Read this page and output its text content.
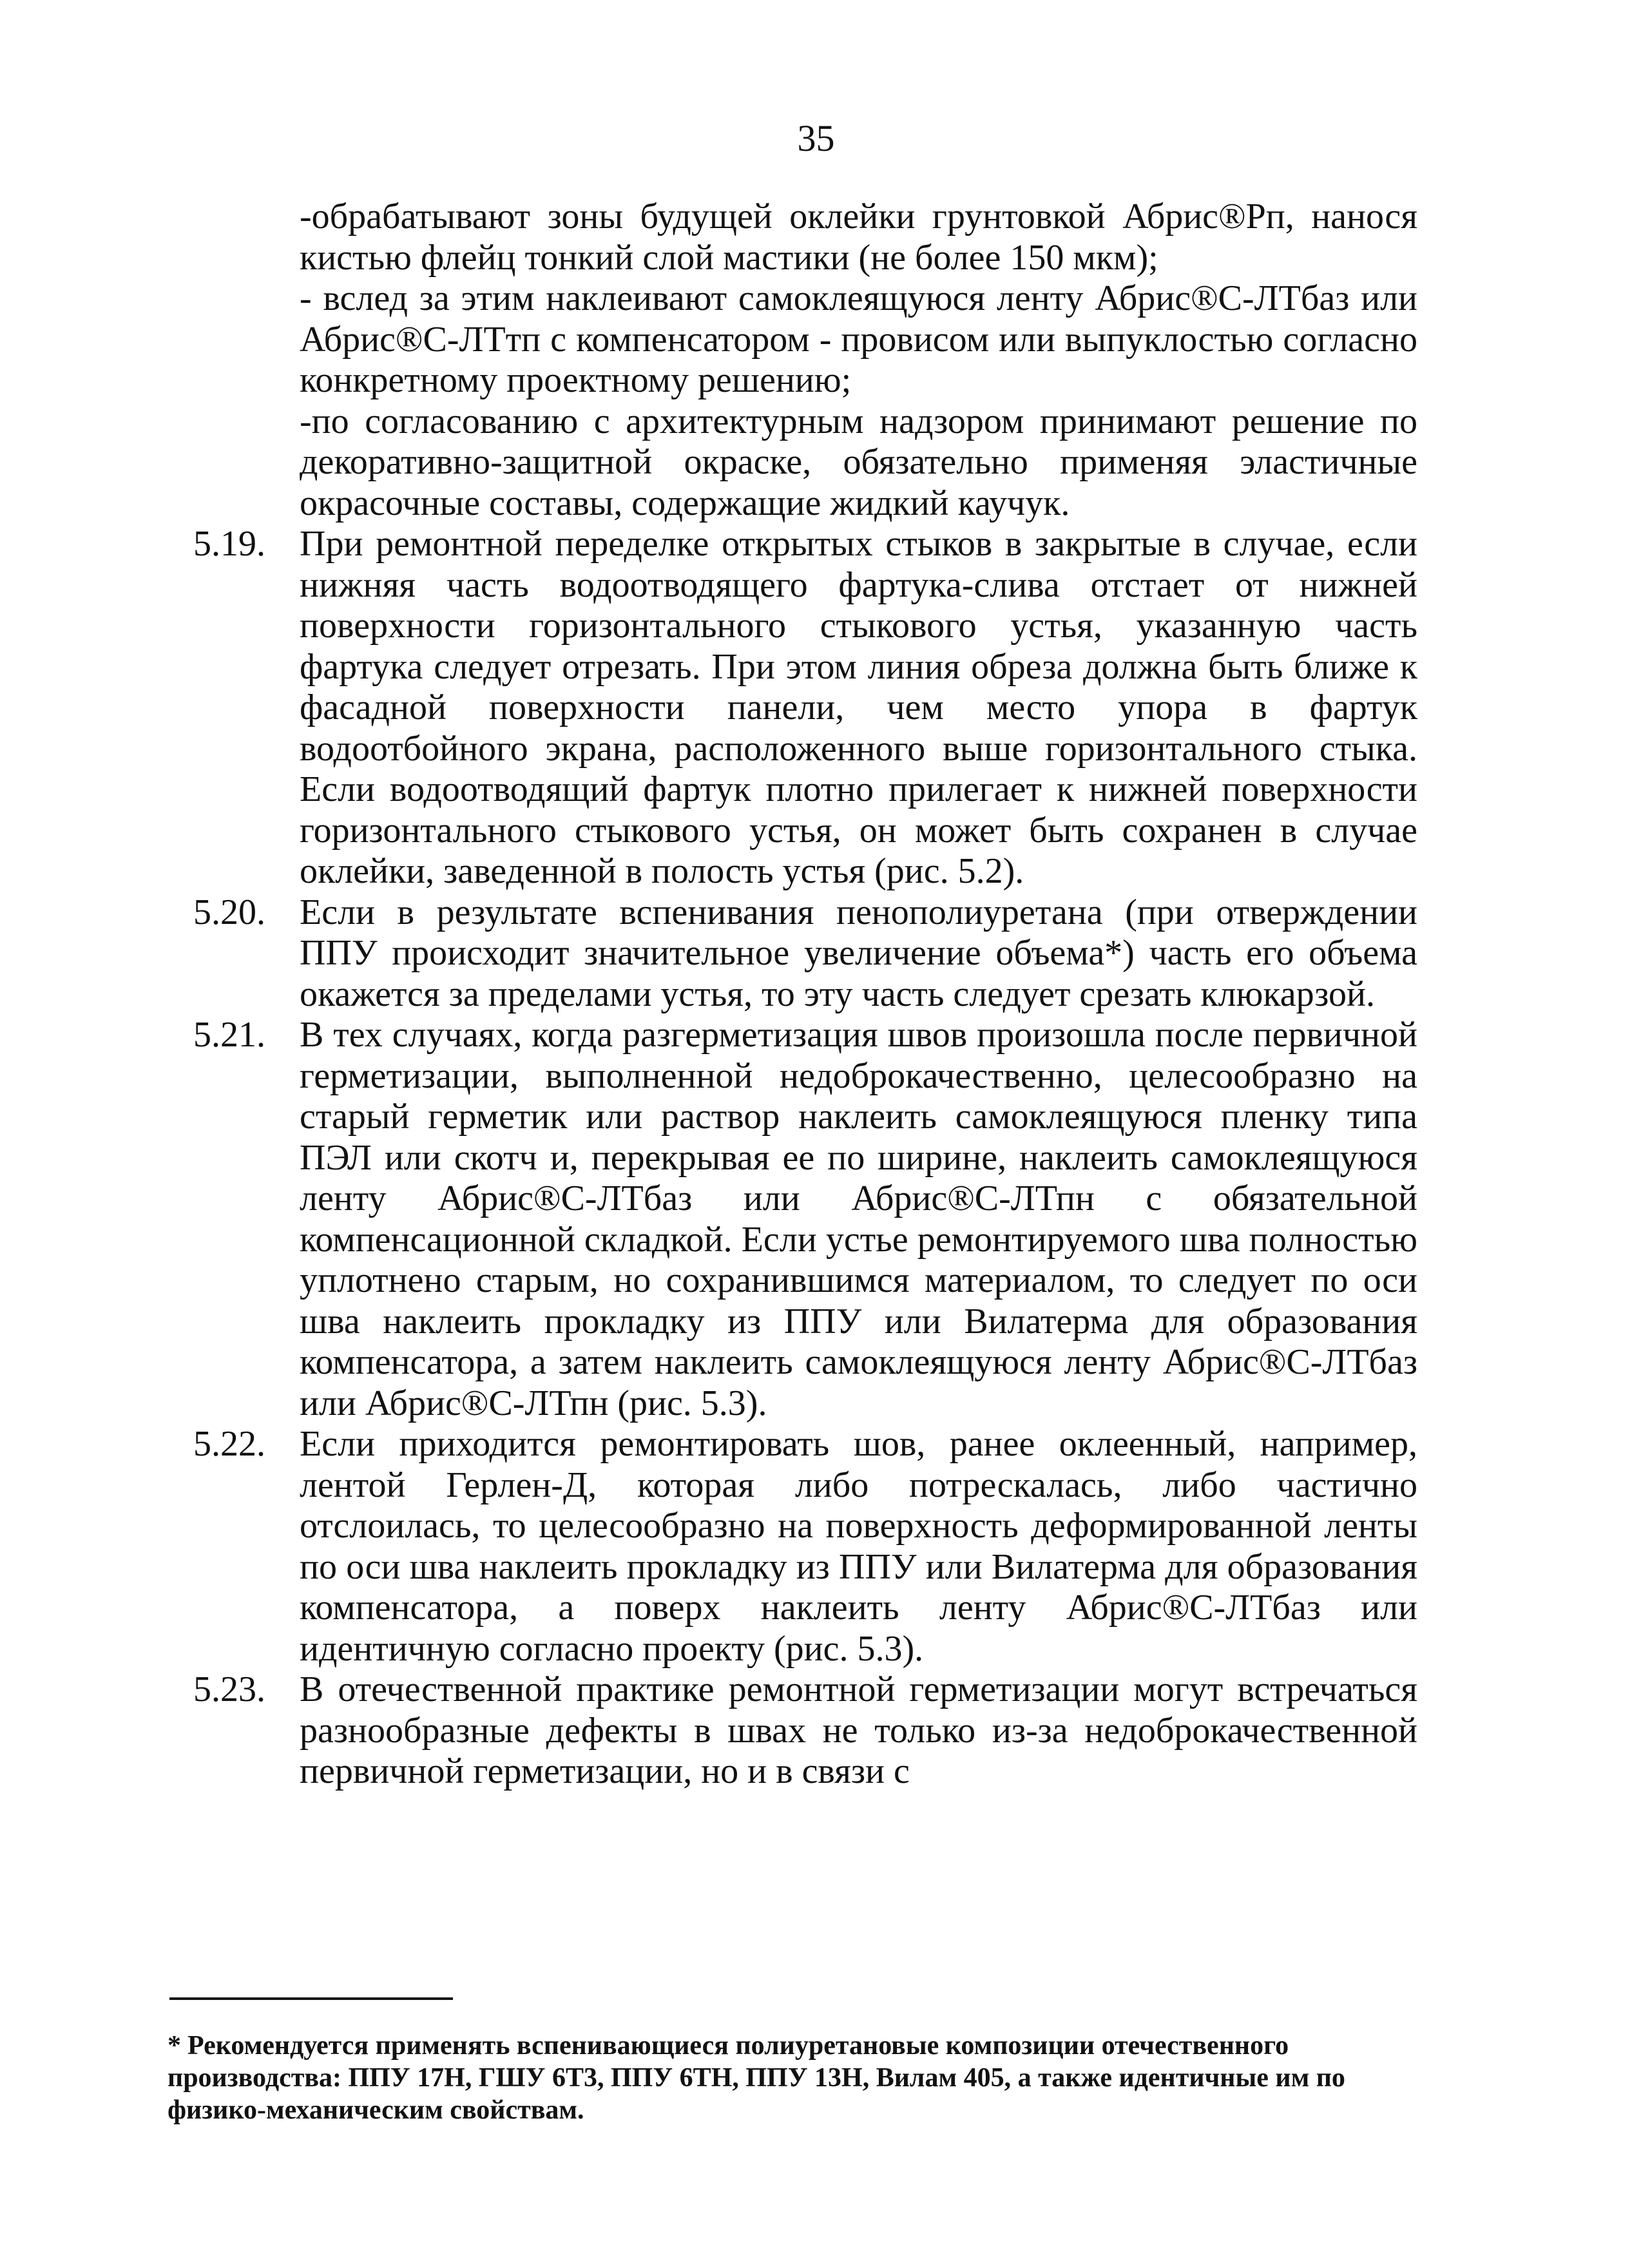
35
-обрабатывают зоны будущей оклейки грунтовкой Абрис®Рп, нанося кистью флейц тонкий слой мастики (не более 150 мкм);
- вслед за этим наклеивают самоклеящуюся ленту Абрис®С-ЛТбаз или Абрис®С-ЛТтп с компенсатором - провисом или выпуклостью согласно конкретному проектному решению;
-по согласованию с архитектурным надзором принимают решение по декоративно-защитной окраске, обязательно применяя эластичные окрасочные составы, содержащие жидкий каучук.
5.19. При ремонтной переделке открытых стыков в закрытые в случае, если нижняя часть водоотводящего фартука-слива отстает от нижней поверхности горизонтального стыкового устья, указанную часть фартука следует отрезать. При этом линия обреза должна быть ближе к фасадной поверхности панели, чем место упора в фартук водоотбойного экрана, расположенного выше горизонтального стыка. Если водоотводящий фартук плотно прилегает к нижней поверхности горизонтального стыкового устья, он может быть сохранен в случае оклейки, заведенной в полость устья (рис. 5.2).
5.20. Если в результате вспенивания пенополиуретана (при отверждении ППУ происходит значительное увеличение объема*) часть его объема окажется за пределами устья, то эту часть следует срезать клюкарзой.
5.21. В тех случаях, когда разгерметизация швов произошла после первичной герметизации, выполненной недоброкачественно, целесообразно на старый герметик или раствор наклеить самоклеящуюся пленку типа ПЭЛ или скотч и, перекрывая ее по ширине, наклеить самоклеящуюся ленту Абрис®С-ЛТбаз или Абрис®С-ЛТпн с обязательной компенсационной складкой. Если устье ремонтируемого шва полностью уплотнено старым, но сохранившимся материалом, то следует по оси шва наклеить прокладку из ППУ или Вилатерма для образования компенсатора, а затем наклеить самоклеящуюся ленту Абрис®С-ЛТбаз или Абрис®С-ЛТпн (рис. 5.3).
5.22. Если приходится ремонтировать шов, ранее оклеенный, например, лентой Герлен-Д, которая либо потрескалась, либо частично отслоилась, то целесообразно на поверхность деформированной ленты по оси шва наклеить прокладку из ППУ или Вилатерма для образования компенсатора, а поверх наклеить ленту Абрис®С-ЛТбаз или идентичную согласно проекту (рис. 5.3).
5.23. В отечественной практике ремонтной герметизации могут встречаться разнообразные дефекты в швах не только из-за недоброкачественной первичной герметизации, но и в связи с
* Рекомендуется применять вспенивающиеся полиуретановые композиции отечественного производства: ППУ 17Н, ГШУ 6Т3, ППУ 6ТН, ППУ 13Н, Вилам 405, а также идентичные им по физико-механическим свойствам.
